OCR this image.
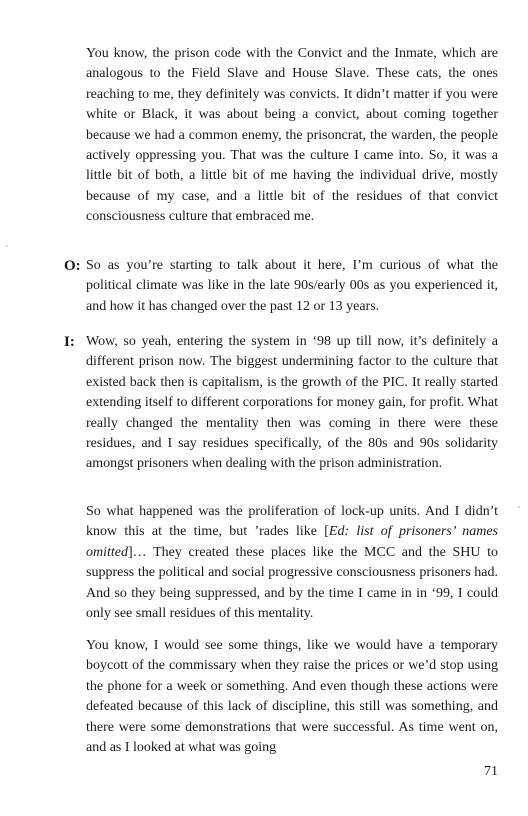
You know, the prison code with the Convict and the Inmate, which are analogous to the Field Slave and House Slave. These cats, the ones reaching to me, they definitely was convicts. It didn’t matter if you were white or Black, it was about being a convict, about coming together because we had a common enemy, the prisoncrat, the warden, the people actively oppressing you. That was the culture I came into. So, it was a little bit of both, a little bit of me having the individual drive, mostly because of my case, and a little bit of the residues of that convict consciousness culture that embraced me.

O: So as you’re starting to talk about it here, I’m curious of what the political climate was like in the late 90s/early 00s as you experienced it, and how it has changed over the past 12 or 13 years.

I: Wow, so yeah, entering the system in ‘98 up till now, it’s definitely a different prison now. The biggest undermining factor to the culture that existed back then is capitalism, is the growth of the PIC. It really started extending itself to different corporations for money gain, for profit. What really changed the mentality then was coming in there were these residues, and I say residues specifically, of the 80s and 90s solidarity amongst prisoners when dealing with the prison administration.

So what happened was the proliferation of lock-up units. And I didn’t know this at the time, but ’rades like [Ed: list of prisoners’ names omitted]… They created these places like the MCC and the SHU to suppress the political and social progressive consciousness prisoners had. And so they being suppressed, and by the time I came in in ‘99, I could only see small residues of this mentality.

You know, I would see some things, like we would have a temporary boycott of the commissary when they raise the prices or we’d stop using the phone for a week or something. And even though these actions were defeated because of this lack of discipline, this still was something, and there were some demonstrations that were successful. As time went on, and as I looked at what was going

71
